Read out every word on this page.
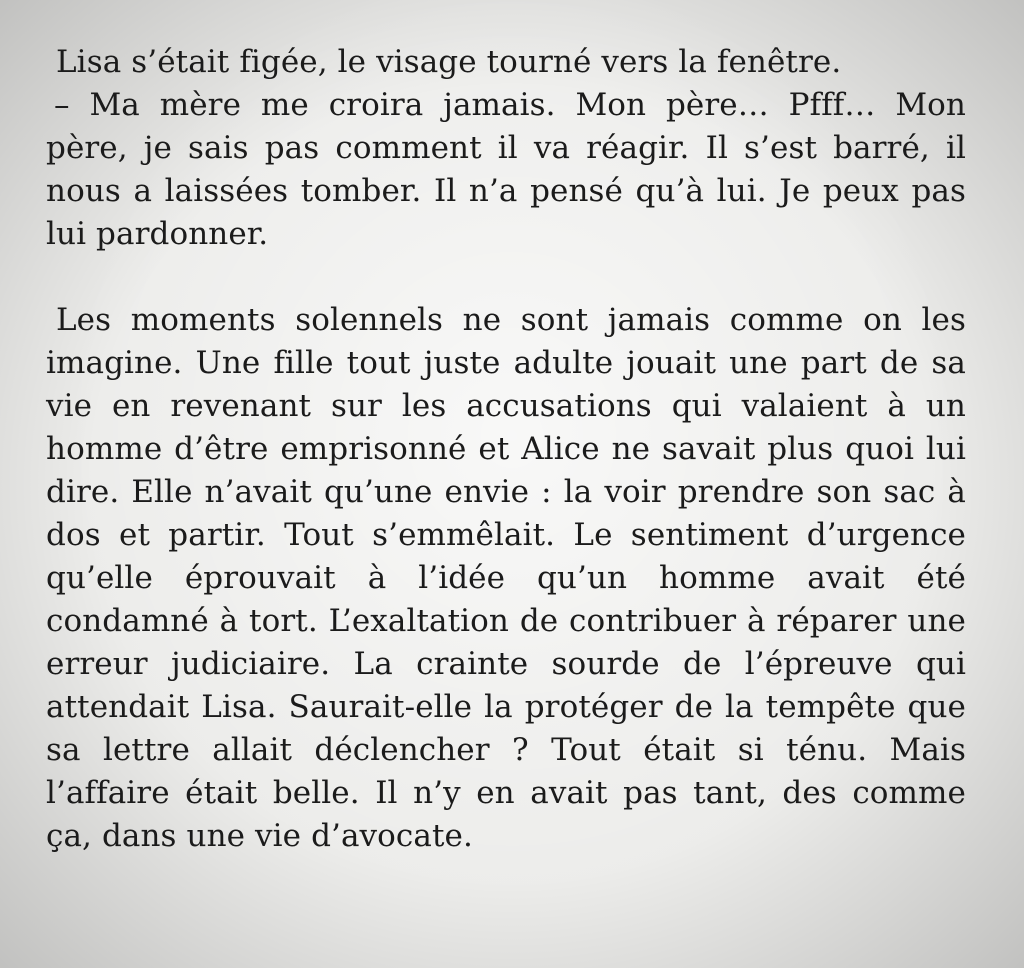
Lisa s’était figée, le visage tourné vers la fenêtre.

– Ma mère me croira jamais. Mon père… Pfff… Mon père, je sais pas comment il va réagir. Il s’est barré, il nous a laissées tomber. Il n’a pensé qu’à lui. Je peux pas lui pardonner.

Les moments solennels ne sont jamais comme on les imagine. Une fille tout juste adulte jouait une part de sa vie en revenant sur les accusations qui valaient à un homme d’être emprisonné et Alice ne savait plus quoi lui dire. Elle n’avait qu’une envie : la voir prendre son sac à dos et partir. Tout s’emmêlait. Le sentiment d’urgence qu’elle éprouvait à l’idée qu’un homme avait été condamné à tort. L’exaltation de contribuer à réparer une erreur judiciaire. La crainte sourde de l’épreuve qui attendait Lisa. Saurait-elle la protéger de la tempête que sa lettre allait déclencher ? Tout était si ténu. Mais l’affaire était belle. Il n’y en avait pas tant, des comme ça, dans une vie d’avocate.
